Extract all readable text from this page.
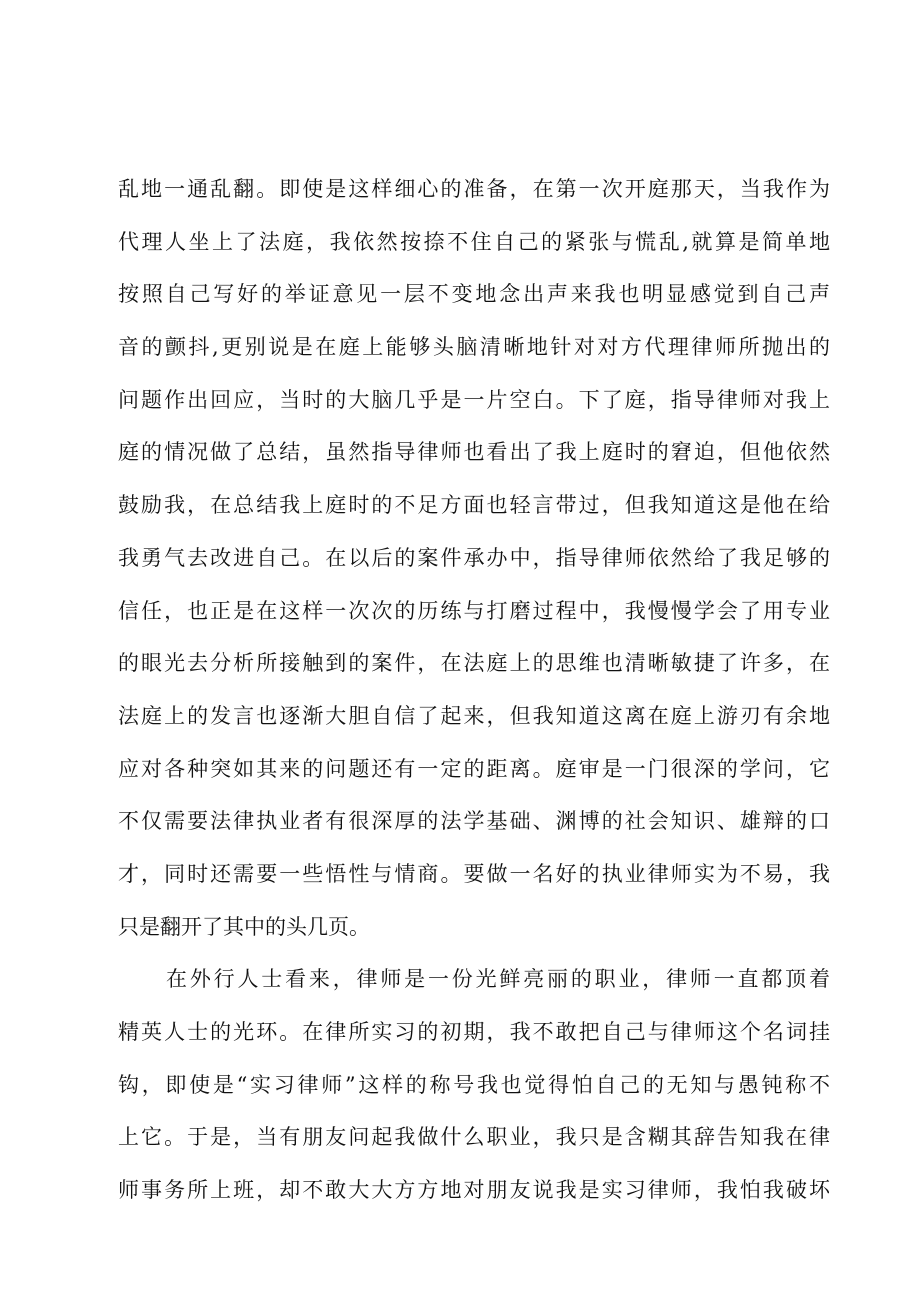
乱地一通乱翻。即使是这样细心的准备，在第一次开庭那天，当我作为
代理人坐上了法庭，我依然按捺不住自己的紧张与慌乱,就算是简单地
按照自己写好的举证意见一层不变地念出声来我也明显感觉到自己声
音的颤抖,更别说是在庭上能够头脑清晰地针对对方代理律师所抛出的
问题作出回应，当时的大脑几乎是一片空白。下了庭，指导律师对我上
庭的情况做了总结，虽然指导律师也看出了我上庭时的窘迫，但他依然
鼓励我，在总结我上庭时的不足方面也轻言带过，但我知道这是他在给
我勇气去改进自己。在以后的案件承办中，指导律师依然给了我足够的
信任，也正是在这样一次次的历练与打磨过程中，我慢慢学会了用专业
的眼光去分析所接触到的案件，在法庭上的思维也清晰敏捷了许多，在
法庭上的发言也逐渐大胆自信了起来，但我知道这离在庭上游刃有余地
应对各种突如其来的问题还有一定的距离。庭审是一门很深的学问，它
不仅需要法律执业者有很深厚的法学基础、渊博的社会知识、雄辩的口
才，同时还需要一些悟性与情商。要做一名好的执业律师实为不易，我
只是翻开了其中的头几页。
在外行人士看来，律师是一份光鲜亮丽的职业，律师一直都顶着
精英人士的光环。在律所实习的初期，我不敢把自己与律师这个名词挂
钩，即使是“实习律师”这样的称号我也觉得怕自己的无知与愚钝称不
上它。于是，当有朋友问起我做什么职业，我只是含糊其辞告知我在律
师事务所上班，却不敢大大方方地对朋友说我是实习律师，我怕我破坏
